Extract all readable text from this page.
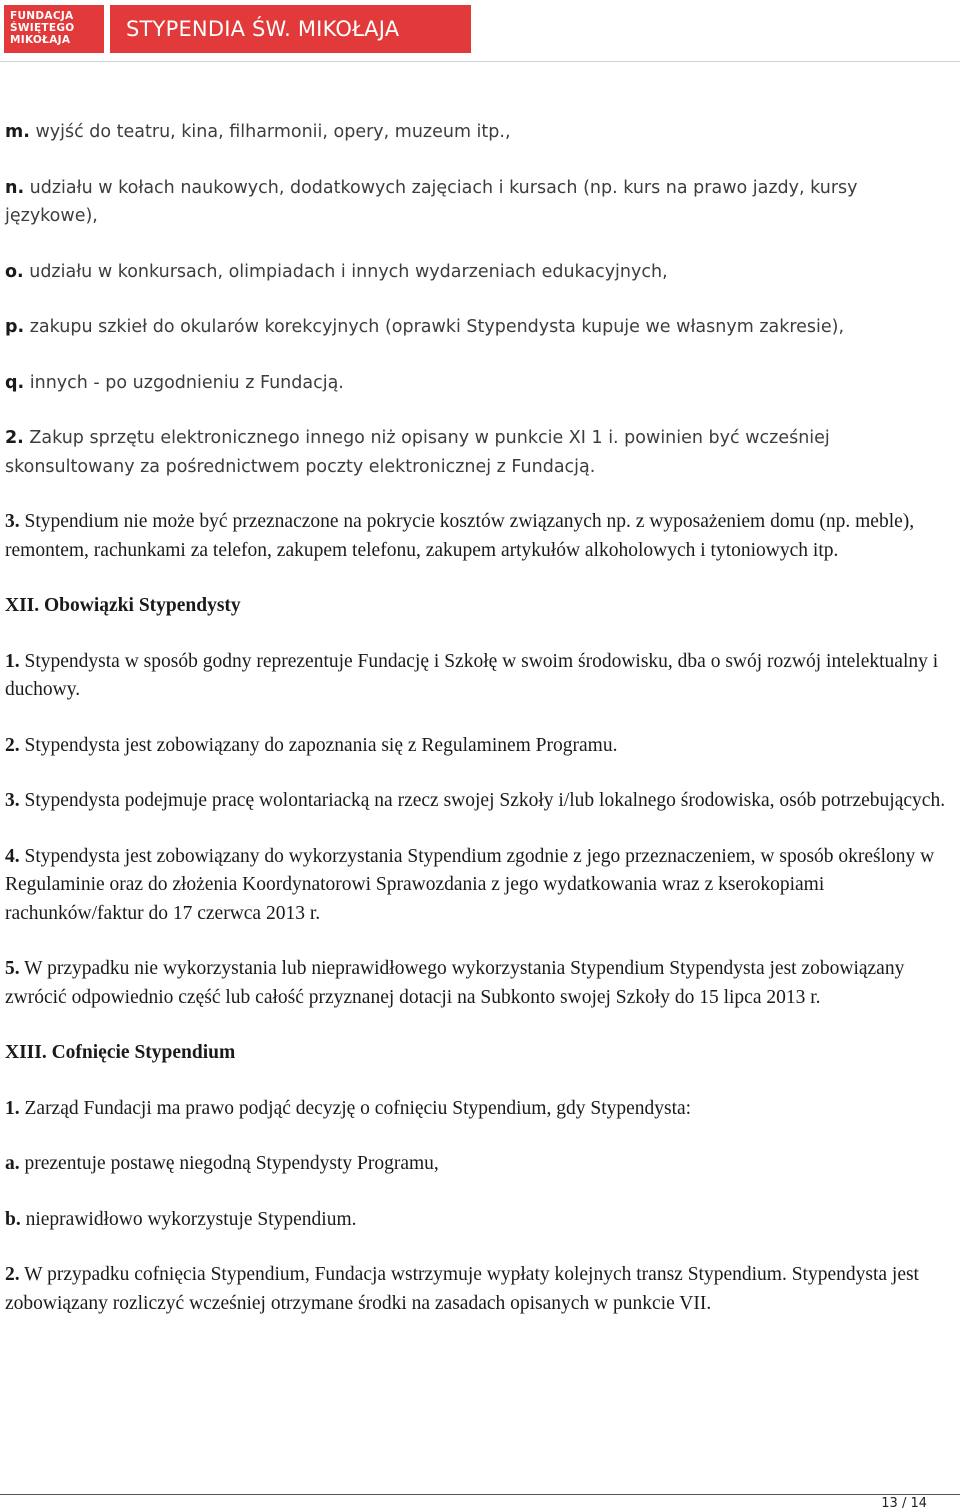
FUNDACJA
ŚWIĘTEGO
MIKOŁAJA	STYPENDIA ŚW. MIKOŁAJA

m. wyjść do teatru, kina, filharmonii, opery, muzeum itp.,

n. udziału w kołach naukowych, dodatkowych zajęciach i kursach (np. kurs na prawo jazdy, kursy językowe),

o. udziału w konkursach, olimpiadach i innych wydarzeniach edukacyjnych,

p. zakupu szkieł do okularów korekcyjnych (oprawki Stypendysta kupuje we własnym zakresie),

q. innych - po uzgodnieniu z Fundacją.

2. Zakup sprzętu elektronicznego innego niż opisany w punkcie XI 1 i. powinien być wcześniej skonsultowany za pośrednictwem poczty elektronicznej z Fundacją.

3. Stypendium nie może być przeznaczone na pokrycie kosztów związanych np. z wyposażeniem domu (np. meble), remontem, rachunkami za telefon, zakupem telefonu, zakupem artykułów alkoholowych i tytoniowych itp.

XII. Obowiązki Stypendysty

1. Stypendysta w sposób godny reprezentuje Fundację i Szkołę w swoim środowisku, dba o swój rozwój intelektualny i duchowy.

2. Stypendysta jest zobowiązany do zapoznania się z Regulaminem Programu.

3. Stypendysta podejmuje pracę wolontariacką na rzecz swojej Szkoły i/lub lokalnego środowiska, osób potrzebujących.

4. Stypendysta jest zobowiązany do wykorzystania Stypendium zgodnie z jego przeznaczeniem, w sposób określony w Regulaminie oraz do złożenia Koordynatorowi Sprawozdania z jego wydatkowania wraz z kserokopiami rachunków/faktur do 17 czerwca 2013 r.

5. W przypadku nie wykorzystania lub nieprawidłowego wykorzystania Stypendium Stypendysta jest zobowiązany zwrócić odpowiednio część lub całość przyznanej dotacji na Subkonto swojej Szkoły do 15 lipca 2013 r.

XIII. Cofnięcie Stypendium

1. Zarząd Fundacji ma prawo podjąć decyzję o cofnięciu Stypendium, gdy Stypendysta:

a. prezentuje postawę niegodną Stypendysty Programu,

b. nieprawidłowo wykorzystuje Stypendium.

2. W przypadku cofnięcia Stypendium, Fundacja wstrzymuje wypłaty kolejnych transz Stypendium. Stypendysta jest zobowiązany rozliczyć wcześniej otrzymane środki na zasadach opisanych w punkcie VII.

13 / 14
